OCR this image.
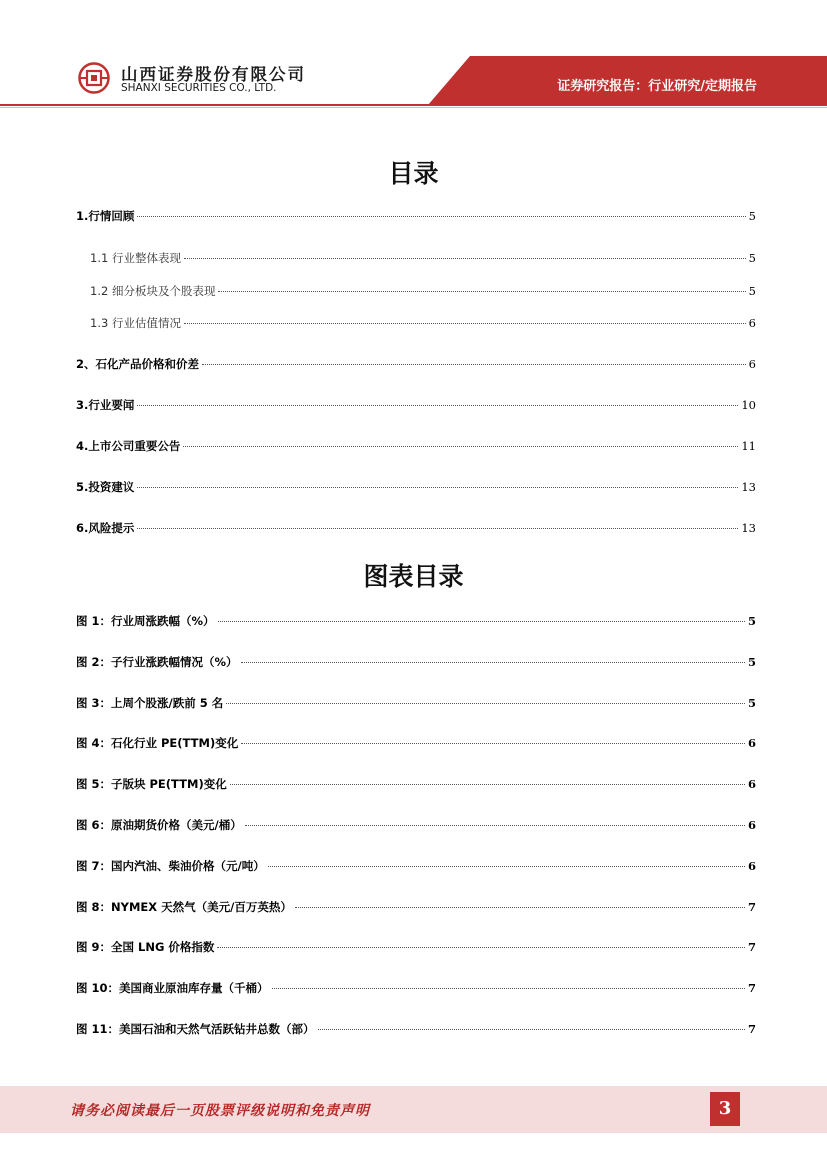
山西证券股份有限公司
SHANXI SECURITIES CO., LTD.	证券研究报告：行业研究/定期报告
目录
1.行情回顾	5
1.1 行业整体表现	5
1.2 细分板块及个股表现	5
1.3 行业估值情况	6
2、石化产品价格和价差	6
3.行业要闻	10
4.上市公司重要公告	11
5.投资建议	13
6.风险提示	13
图表目录
图 1：行业周涨跌幅（%）	5
图 2：子行业涨跌幅情况（%）	5
图 3：上周个股涨/跌前 5 名	5
图 4：石化行业 PE(TTM)变化	6
图 5：子版块 PE(TTM)变化	6
图 6：原油期货价格（美元/桶）	6
图 7：国内汽油、柴油价格（元/吨）	6
图 8：NYMEX 天然气（美元/百万英热）	7
图 9：全国 LNG 价格指数	7
图 10：美国商业原油库存量（千桶）	7
图 11：美国石油和天然气活跃钻井总数（部）	7
请务必阅读最后一页股票评级说明和免责声明	3
